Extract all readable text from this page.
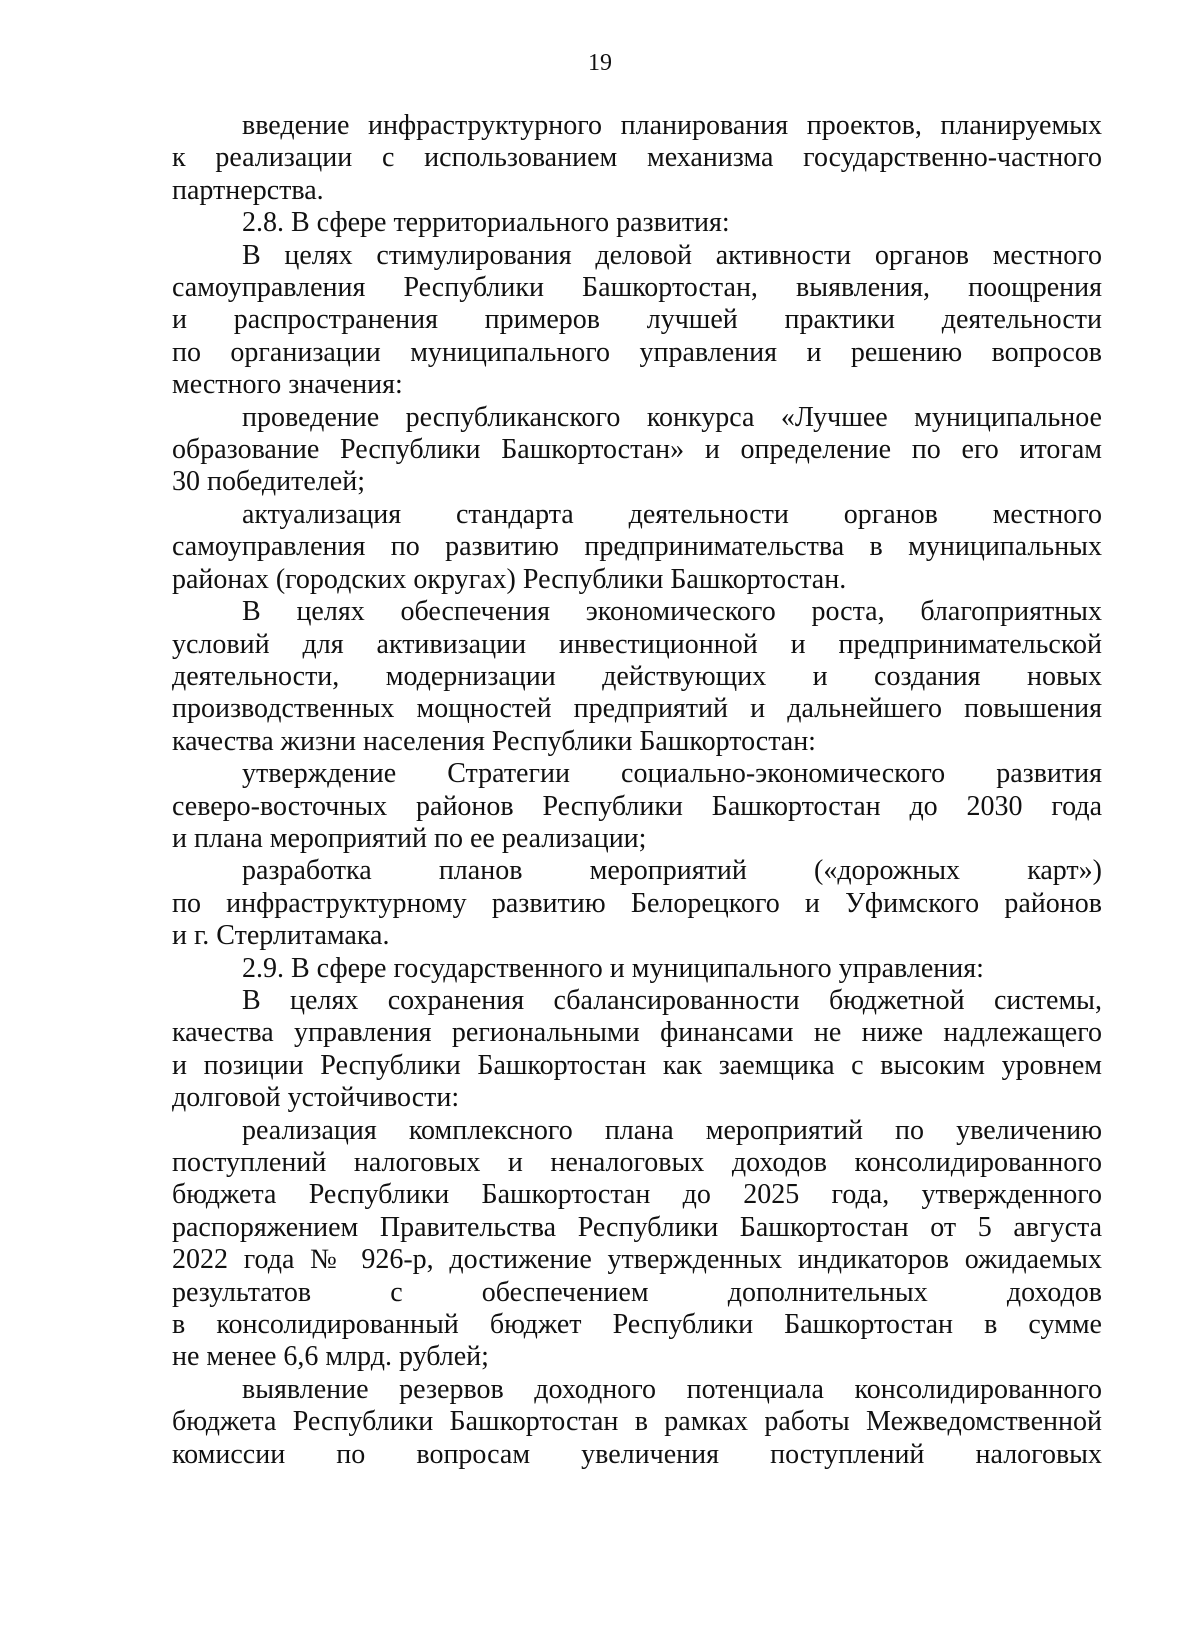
19
введение инфраструктурного планирования проектов, планируемых
к реализации с использованием механизма государственно-частного
партнерства.
2.8. В сфере территориального развития:
В целях стимулирования деловой активности органов местного
самоуправления Республики Башкортостан, выявления, поощрения
и распространения примеров лучшей практики деятельности
по организации муниципального управления и решению вопросов
местного значения:
проведение республиканского конкурса «Лучшее муниципальное
образование Республики Башкортостан» и определение по его итогам
30 победителей;
актуализация стандарта деятельности органов местного
самоуправления по развитию предпринимательства в муниципальных
районах (городских округах) Республики Башкортостан.
В целях обеспечения экономического роста, благоприятных
условий для активизации инвестиционной и предпринимательской
деятельности, модернизации действующих и создания новых
производственных мощностей предприятий и дальнейшего повышения
качества жизни населения Республики Башкортостан:
утверждение Стратегии социально-экономического развития
северо-восточных районов Республики Башкортостан до 2030 года
и плана мероприятий по ее реализации;
разработка планов мероприятий («дорожных карт»)
по инфраструктурному развитию Белорецкого и Уфимского районов
и г. Стерлитамака.
2.9. В сфере государственного и муниципального управления:
В целях сохранения сбалансированности бюджетной системы,
качества управления региональными финансами не ниже надлежащего
и позиции Республики Башкортостан как заемщика с высоким уровнем
долговой устойчивости:
реализация комплексного плана мероприятий по увеличению
поступлений налоговых и неналоговых доходов консолидированного
бюджета Республики Башкортостан до 2025 года, утвержденного
распоряжением Правительства Республики Башкортостан от 5 августа
2022 года № 926-р, достижение утвержденных индикаторов ожидаемых
результатов с обеспечением дополнительных доходов
в консолидированный бюджет Республики Башкортостан в сумме
не менее 6,6 млрд. рублей;
выявление резервов доходного потенциала консолидированного
бюджета Республики Башкортостан в рамках работы Межведомственной
комиссии по вопросам увеличения поступлений налоговых
